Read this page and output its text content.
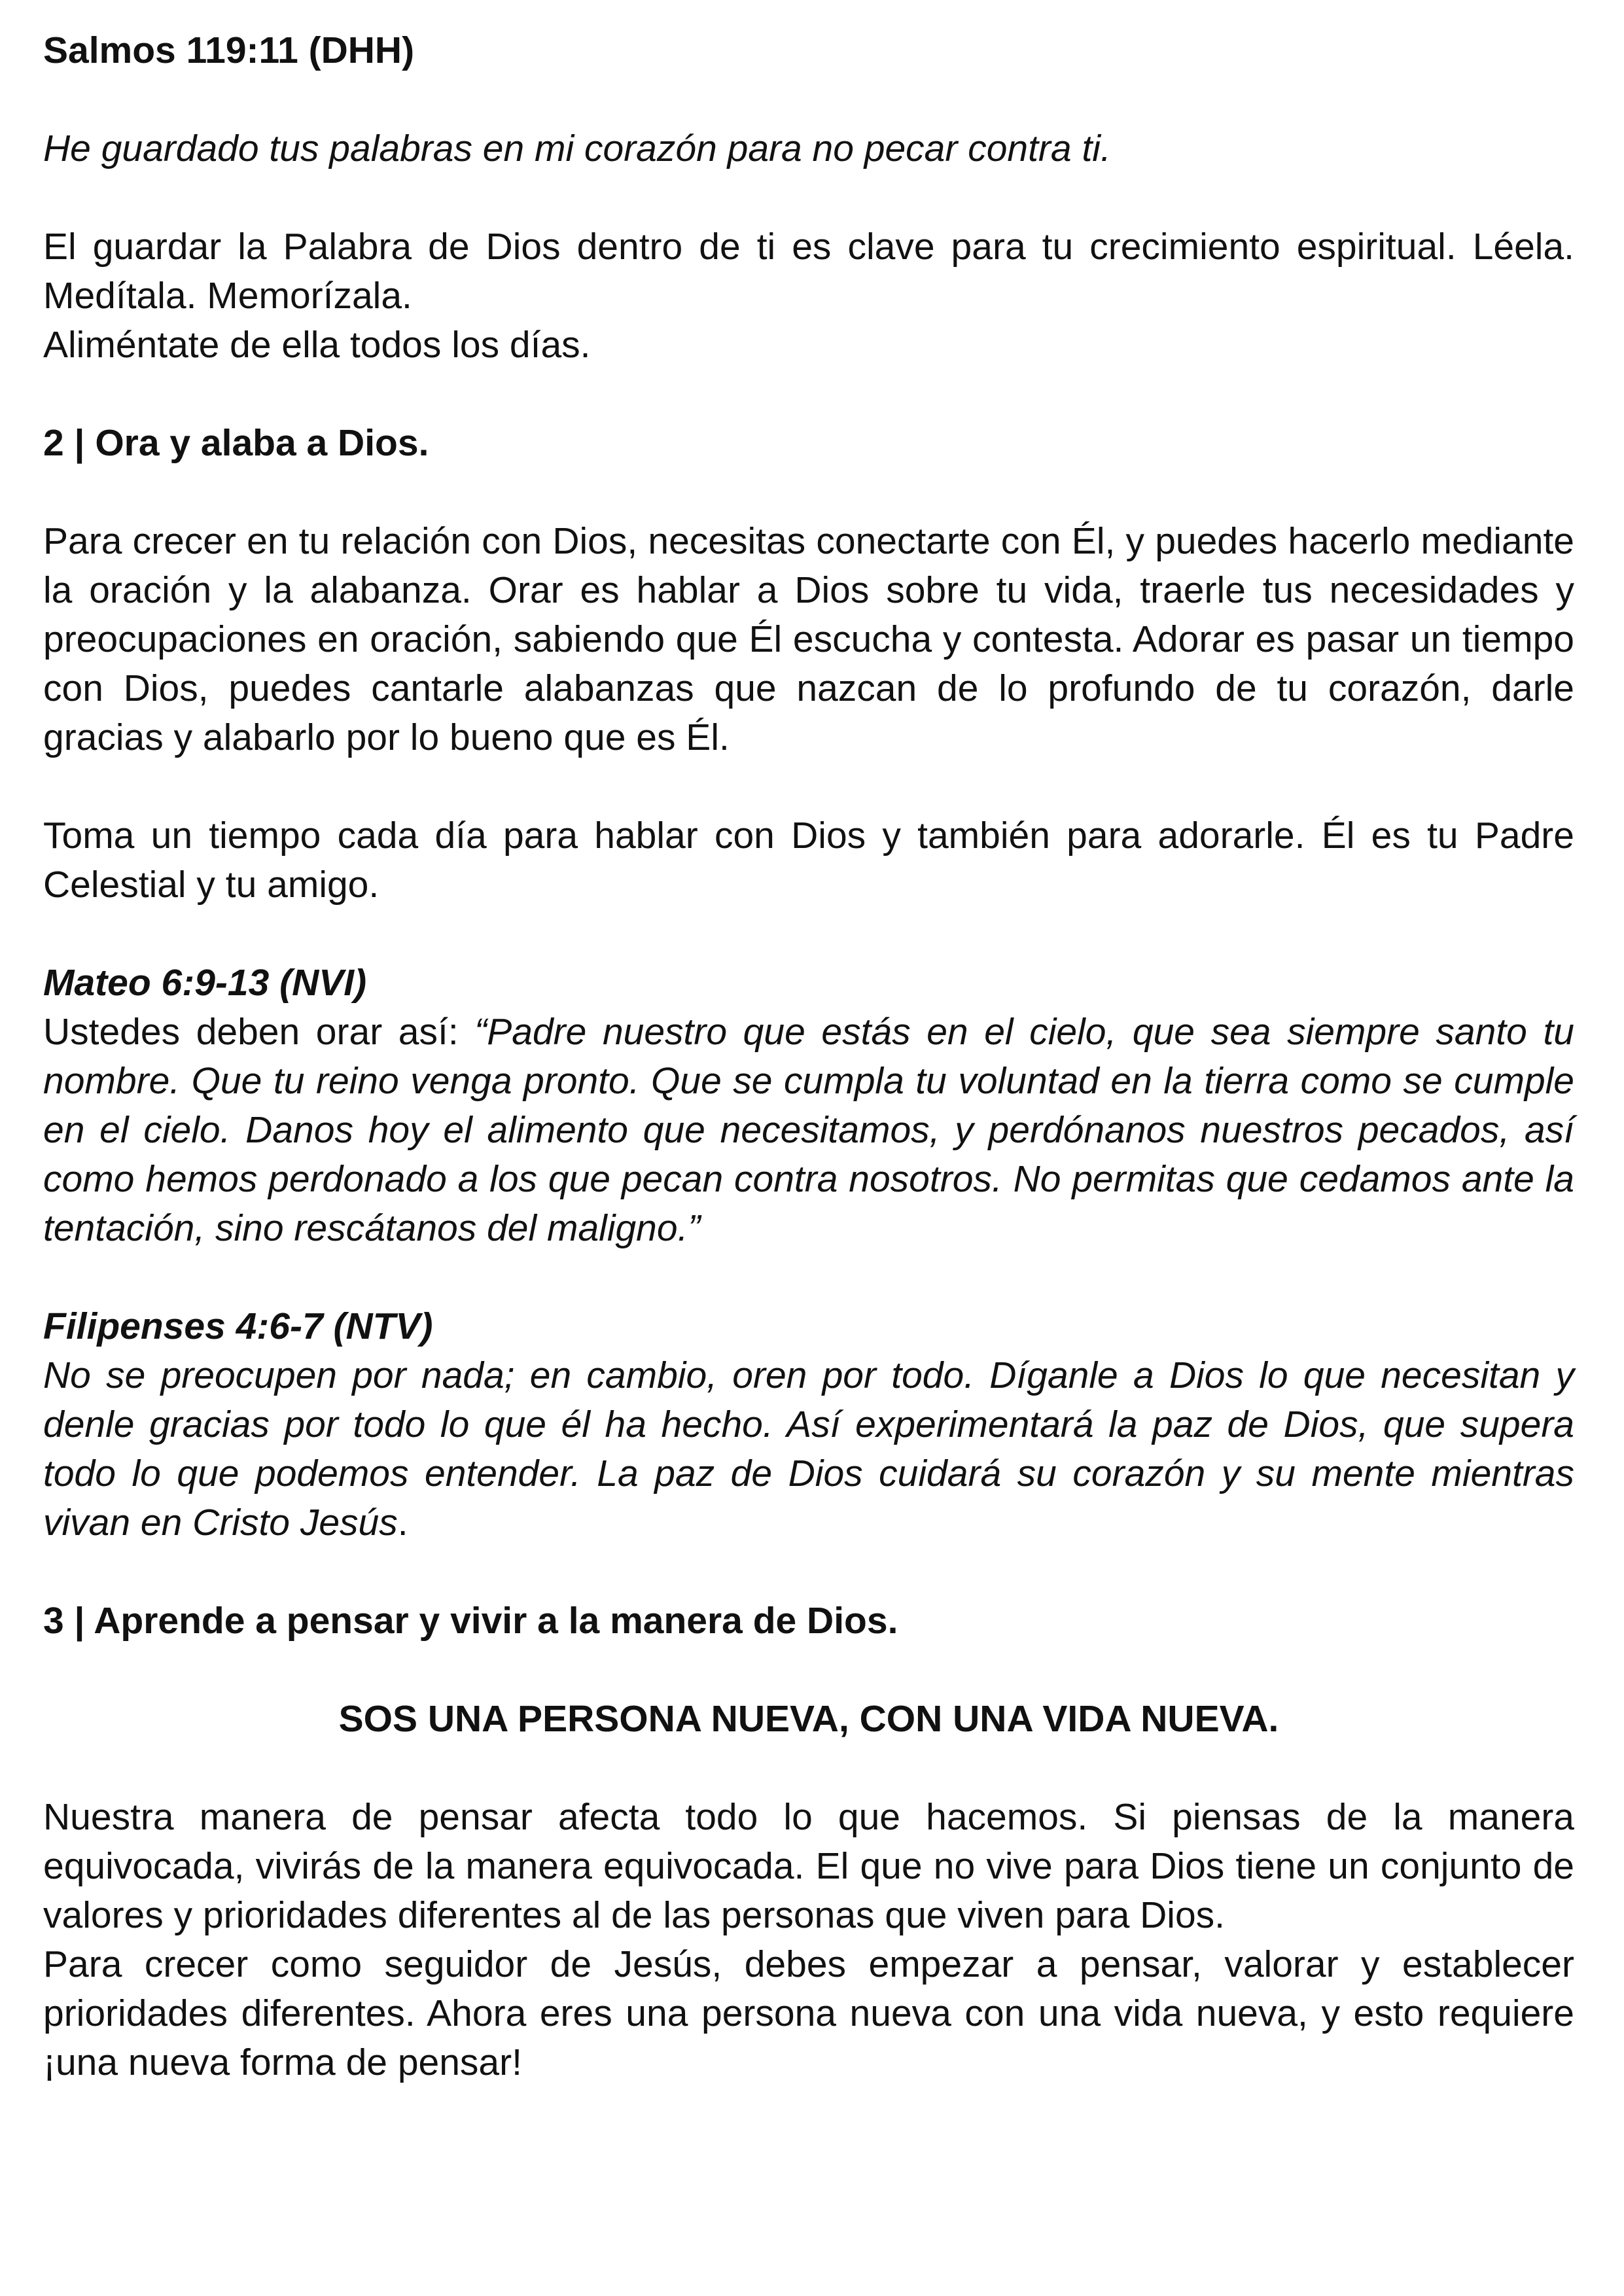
Salmos 119:11 (DHH)

He guardado tus palabras en mi corazón para no pecar contra ti.

El guardar la Palabra de Dios dentro de ti es clave para tu crecimiento espiritual. Léela. Medítala. Memorízala.

Aliméntate de ella todos los días.

2 | Ora y alaba a Dios.

Para crecer en tu relación con Dios, necesitas conectarte con Él, y puedes hacerlo mediante la oración y la alabanza. Orar es hablar a Dios sobre tu vida, traerle tus necesidades y preocupaciones en oración, sabiendo que Él escucha y contesta. Adorar es pasar un tiempo con Dios, puedes cantarle alabanzas que nazcan de lo profundo de tu corazón, darle gracias y alabarlo por lo bueno que es Él.

Toma un tiempo cada día para hablar con Dios y también para adorarle. Él es tu Padre Celestial y tu amigo.

Mateo 6:9-13 (NVI)

Ustedes deben orar así: “Padre nuestro que estás en el cielo, que sea siempre santo tu nombre. Que tu reino venga pronto. Que se cumpla tu voluntad en la tierra como se cumple en el cielo. Danos hoy el alimento que necesitamos, y perdónanos nuestros pecados, así como hemos perdonado a los que pecan contra nosotros. No permitas que cedamos ante la tentación, sino rescátanos del maligno.”

Filipenses 4:6-7 (NTV)

No se preocupen por nada; en cambio, oren por todo. Díganle a Dios lo que necesitan y denle gracias por todo lo que él ha hecho. Así experimentará la paz de Dios, que supera todo lo que podemos entender. La paz de Dios cuidará su corazón y su mente mientras vivan en Cristo Jesús.

3 | Aprende a pensar y vivir a la manera de Dios.
SOS UNA PERSONA NUEVA, CON UNA VIDA NUEVA.

Nuestra manera de pensar afecta todo lo que hacemos. Si piensas de la manera equivocada, vivirás de la manera equivocada. El que no vive para Dios tiene un conjunto de valores y prioridades diferentes al de las personas que viven para Dios.

Para crecer como seguidor de Jesús, debes empezar a pensar, valorar y establecer prioridades diferentes. Ahora eres una persona nueva con una vida nueva, y esto requiere ¡una nueva forma de pensar!
